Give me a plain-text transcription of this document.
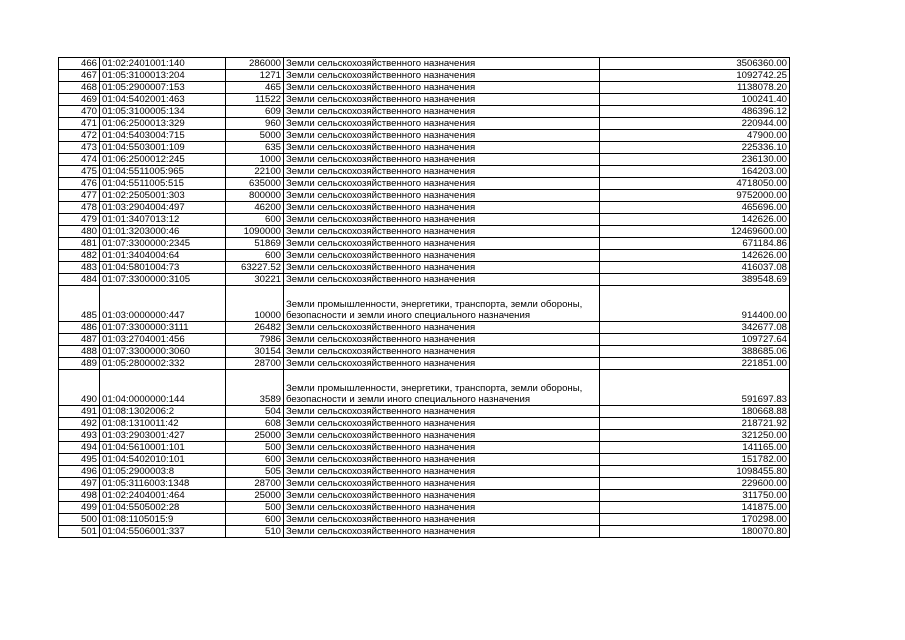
466	01:02:2401001:140	286000	Земли сельскохозяйственного назначения	3506360.00
467	01:05:3100013:204	1271	Земли сельскохозяйственного назначения	1092742.25
468	01:05:2900007:153	465	Земли сельскохозяйственного назначения	1138078.20
469	01:04:5402001:463	11522	Земли сельскохозяйственного назначения	100241.40
470	01:05:3100005:134	609	Земли сельскохозяйственного назначения	486396.12
471	01:06:2500013:329	960	Земли сельскохозяйственного назначения	220944.00
472	01:04:5403004:715	5000	Земли сельскохозяйственного назначения	47900.00
473	01:04:5503001:109	635	Земли сельскохозяйственного назначения	225336.10
474	01:06:2500012:245	1000	Земли сельскохозяйственного назначения	236130.00
475	01:04:5511005:965	22100	Земли сельскохозяйственного назначения	164203.00
476	01:04:5511005:515	635000	Земли сельскохозяйственного назначения	4718050.00
477	01:02:2505001:303	800000	Земли сельскохозяйственного назначения	9752000.00
478	01:03:2904004:497	46200	Земли сельскохозяйственного назначения	465696.00
479	01:01:3407013:12	600	Земли сельскохозяйственного назначения	142626.00
480	01:01:3203000:46	1090000	Земли сельскохозяйственного назначения	12469600.00
481	01:07:3300000:2345	51869	Земли сельскохозяйственного назначения	671184.86
482	01:01:3404004:64	600	Земли сельскохозяйственного назначения	142626.00
483	01:04:5801004:73	63227.52	Земли сельскохозяйственного назначения	416037.08
484	01:07:3300000:3105	30221	Земли сельскохозяйственного назначения	389548.69
485	01:03:0000000:447	10000	Земли промышленности, энергетики, транспорта, земли обороны, безопасности и земли иного специального назначения	914400.00
486	01:07:3300000:3111	26482	Земли сельскохозяйственного назначения	342677.08
487	01:03:2704001:456	7986	Земли сельскохозяйственного назначения	109727.64
488	01:07:3300000:3060	30154	Земли сельскохозяйственного назначения	388685.06
489	01:05:2800002:332	28700	Земли сельскохозяйственного назначения	221851.00
490	01:04:0000000:144	3589	Земли промышленности, энергетики, транспорта, земли обороны, безопасности и земли иного специального назначения	591697.83
491	01:08:1302006:2	504	Земли сельскохозяйственного назначения	180668.88
492	01:08:1310011:42	608	Земли сельскохозяйственного назначения	218721.92
493	01:03:2903001:427	25000	Земли сельскохозяйственного назначения	321250.00
494	01:04:5610001:101	500	Земли сельскохозяйственного назначения	141165.00
495	01:04:5402010:101	600	Земли сельскохозяйственного назначения	151782.00
496	01:05:2900003:8	505	Земли сельскохозяйственного назначения	1098455.80
497	01:05:3116003:1348	28700	Земли сельскохозяйственного назначения	229600.00
498	01:02:2404001:464	25000	Земли сельскохозяйственного назначения	311750.00
499	01:04:5505002:28	500	Земли сельскохозяйственного назначения	141875.00
500	01:08:1105015:9	600	Земли сельскохозяйственного назначения	170298.00
501	01:04:5506001:337	510	Земли сельскохозяйственного назначения	180070.80
